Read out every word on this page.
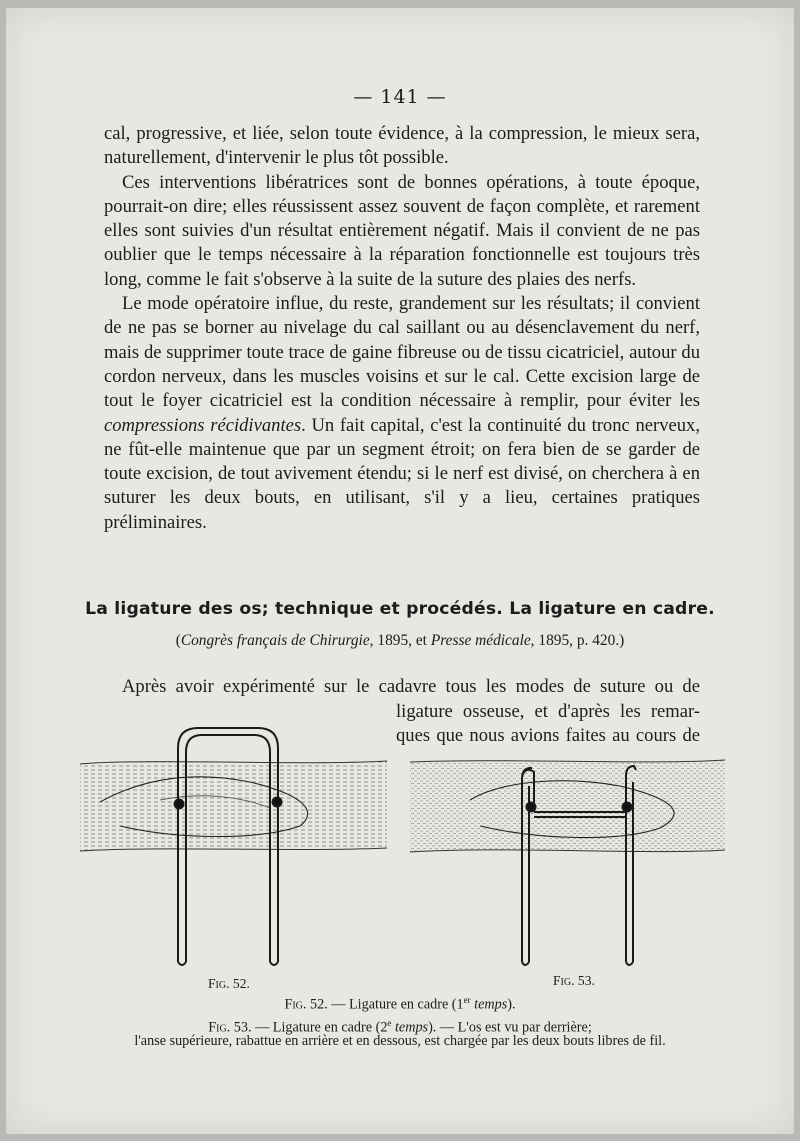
— 141 —

cal, progressive, et liée, selon toute évidence, à la compression, le mieux sera, naturellement, d'intervenir le plus tôt possible.

Ces interventions libératrices sont de bonnes opérations, à toute époque, pourrait-on dire; elles réussissent assez souvent de façon complète, et rarement elles sont suivies d'un résultat entièrement négatif. Mais il convient de ne pas oublier que le temps nécessaire à la réparation fonctionnelle est toujours très long, comme le fait s'observe à la suite de la suture des plaies des nerfs.

Le mode opératoire influe, du reste, grandement sur les résultats; il convient de ne pas se borner au nivelage du cal saillant ou au désenclavement du nerf, mais de supprimer toute trace de gaine fibreuse ou de tissu cicatriciel, autour du cordon nerveux, dans les muscles voisins et sur le cal. Cette excision large de tout le foyer cicatriciel est la condition nécessaire à remplir, pour éviter les compressions récidivantes. Un fait capital, c'est la continuité du tronc nerveux, ne fût-elle maintenue que par un segment étroit; on fera bien de se garder de toute excision, de tout avivement étendu; si le nerf est divisé, on cherchera à en suturer les deux bouts, en utilisant, s'il y a lieu, certaines pratiques préliminaires.

La ligature des os; technique et procédés. La ligature en cadre.
(Congrès français de Chirurgie, 1895, et Presse médicale, 1895, p. 420.)
Après avoir expérimenté sur le cadavre tous les modes de suture ou de
ligature osseuse, et d'après les remar-
ques que nous avions faites au cours de
Fig. 52.	Fig. 53.
Fig. 52. — Ligature en cadre (1er temps).
Fig. 53. — Ligature en cadre (2e temps). — L'os est vu par derrière;
l'anse supérieure, rabattue en arrière et en dessous, est chargée par les deux bouts libres de fil.
